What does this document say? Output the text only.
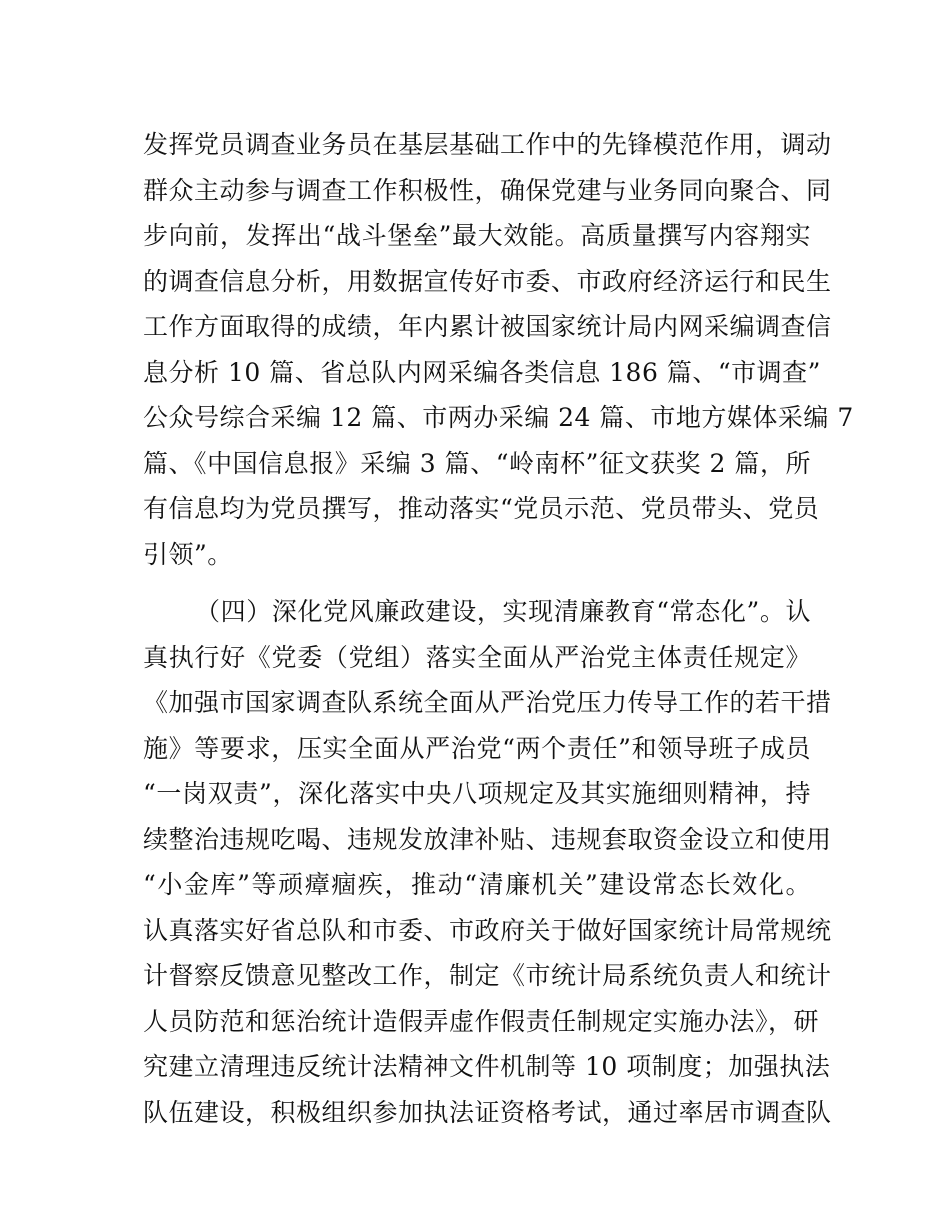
发挥党员调查业务员在基层基础工作中的先锋模范作用，调动
群众主动参与调查工作积极性，确保党建与业务同向聚合、同
步向前，发挥出“战斗堡垒”最大效能。高质量撰写内容翔实
的调查信息分析，用数据宣传好市委、市政府经济运行和民生
工作方面取得的成绩，年内累计被国家统计局内网采编调查信
息分析 10 篇、省总队内网采编各类信息 186 篇、“市调查”
公众号综合采编 12 篇、市两办采编 24 篇、市地方媒体采编 7
篇、《中国信息报》采编 3 篇、“岭南杯”征文获奖 2 篇，所
有信息均为党员撰写，推动落实“党员示范、党员带头、党员
引领”。
（四）深化党风廉政建设，实现清廉教育“常态化”。认
真执行好《党委（党组）落实全面从严治党主体责任规定》
《加强市国家调查队系统全面从严治党压力传导工作的若干措
施》等要求，压实全面从严治党“两个责任”和领导班子成员
“一岗双责”，深化落实中央八项规定及其实施细则精神，持
续整治违规吃喝、违规发放津补贴、违规套取资金设立和使用
“小金库”等顽瘴痼疾，推动“清廉机关”建设常态长效化。
认真落实好省总队和市委、市政府关于做好国家统计局常规统
计督察反馈意见整改工作，制定《市统计局系统负责人和统计
人员防范和惩治统计造假弄虚作假责任制规定实施办法》，研
究建立清理违反统计法精神文件机制等 10 项制度；加强执法
队伍建设，积极组织参加执法证资格考试，通过率居市调查队
